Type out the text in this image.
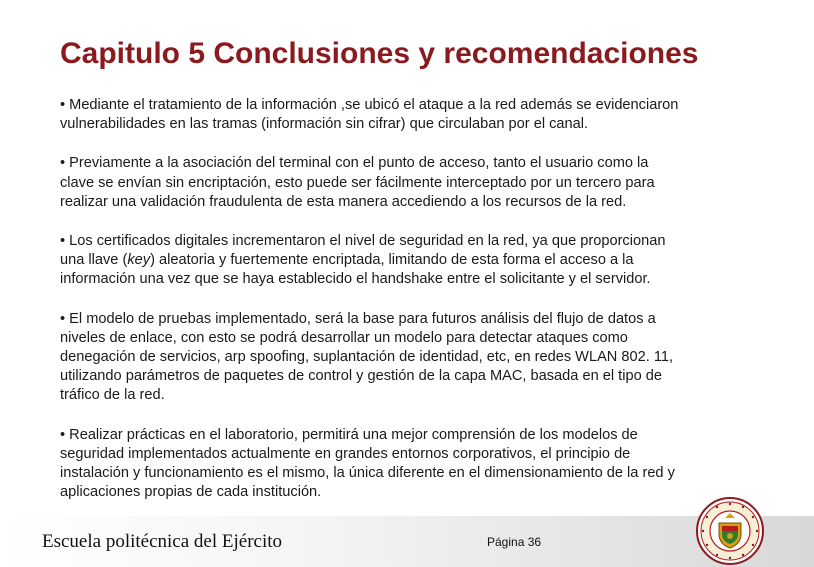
Capitulo 5 Conclusiones y recomendaciones

• Mediante el tratamiento de la información ,se ubicó el ataque a la red además se evidenciaron
vulnerabilidades en las tramas (información sin cifrar) que circulaban por el canal.

• Previamente a la asociación del terminal con el punto de acceso, tanto el usuario como la
clave se envían sin encriptación, esto puede ser fácilmente interceptado por un tercero para
realizar una validación fraudulenta de esta manera accediendo a los recursos de la red.

• Los certificados digitales incrementaron el nivel de seguridad en la red, ya que proporcionan
una llave (key) aleatoria y fuertemente encriptada, limitando de esta forma el acceso a la
información una vez que se haya establecido el handshake entre el solicitante y el servidor.

• El modelo de pruebas implementado, será la base para futuros análisis del flujo de datos a
niveles de enlace, con esto se podrá desarrollar un modelo para detectar ataques como
denegación de servicios, arp spoofing, suplantación de identidad, etc, en redes WLAN 802. 11,
utilizando parámetros de paquetes de control y gestión de la capa MAC, basada en el tipo de
tráfico de la red.

• Realizar prácticas en el laboratorio, permitirá una mejor comprensión de los modelos de
seguridad implementados actualmente en grandes entornos corporativos, el principio de
instalación y funcionamiento es el mismo, la única diferente en el dimensionamiento de la red y
aplicaciones propias de cada institución.

Escuela politécnica del Ejército	Página 36
